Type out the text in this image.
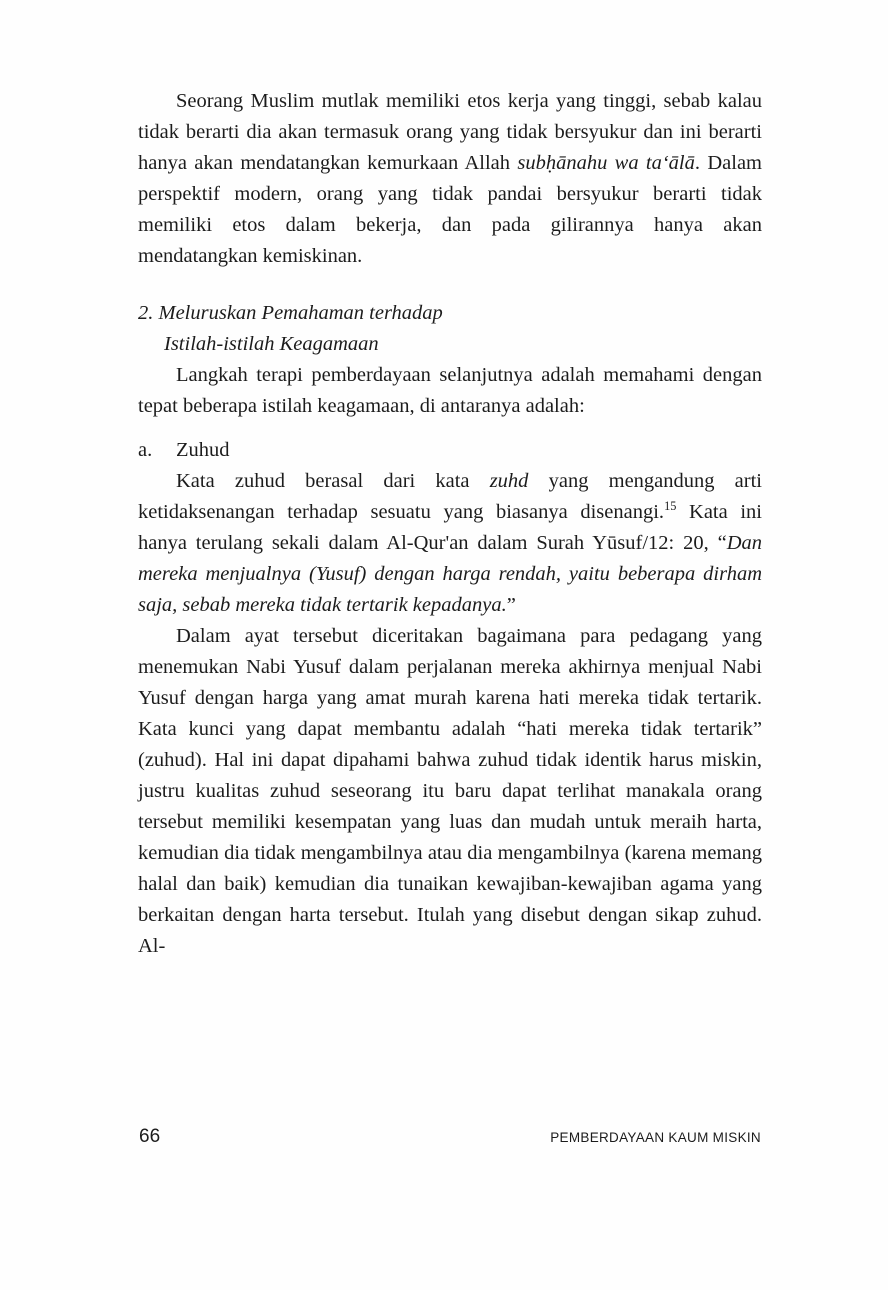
Seorang Muslim mutlak memiliki etos kerja yang tinggi, sebab kalau tidak berarti dia akan termasuk orang yang tidak bersyukur dan ini berarti hanya akan mendatangkan kemurkaan Allah subḥānahu wa ta‘ālā. Dalam perspektif modern, orang yang tidak pandai bersyukur berarti tidak memiliki etos dalam bekerja, dan pada gilirannya hanya akan mendatangkan kemiskinan.

2. Meluruskan Pemahaman terhadap
Istilah-istilah Keagamaan

Langkah terapi pemberdayaan selanjutnya adalah memahami dengan tepat beberapa istilah keagamaan, di antaranya adalah:

a.	Zuhud

Kata zuhud berasal dari kata zuhd yang mengandung arti ketidaksenangan terhadap sesuatu yang biasanya disenangi.$^{15}$ Kata ini hanya terulang sekali dalam Al-Qur'an dalam Surah Yūsuf/12: 20, “Dan mereka menjualnya (Yusuf) dengan harga rendah, yaitu beberapa dirham saja, sebab mereka tidak tertarik kepadanya.”

Dalam ayat tersebut diceritakan bagaimana para pedagang yang menemukan Nabi Yusuf dalam perjalanan mereka akhirnya menjual Nabi Yusuf dengan harga yang amat murah karena hati mereka tidak tertarik. Kata kunci yang dapat membantu adalah “hati mereka tidak tertarik” (zuhud). Hal ini dapat dipahami bahwa zuhud tidak identik harus miskin, justru kualitas zuhud seseorang itu baru dapat terlihat manakala orang tersebut memiliki kesempatan yang luas dan mudah untuk meraih harta, kemudian dia tidak mengambilnya atau dia mengambilnya (karena memang halal dan baik) kemudian dia tunaikan kewajiban-kewajiban agama yang berkaitan dengan harta tersebut. Itulah yang disebut dengan sikap zuhud. Al-

66	PEMBERDAYAAN KAUM MISKIN
